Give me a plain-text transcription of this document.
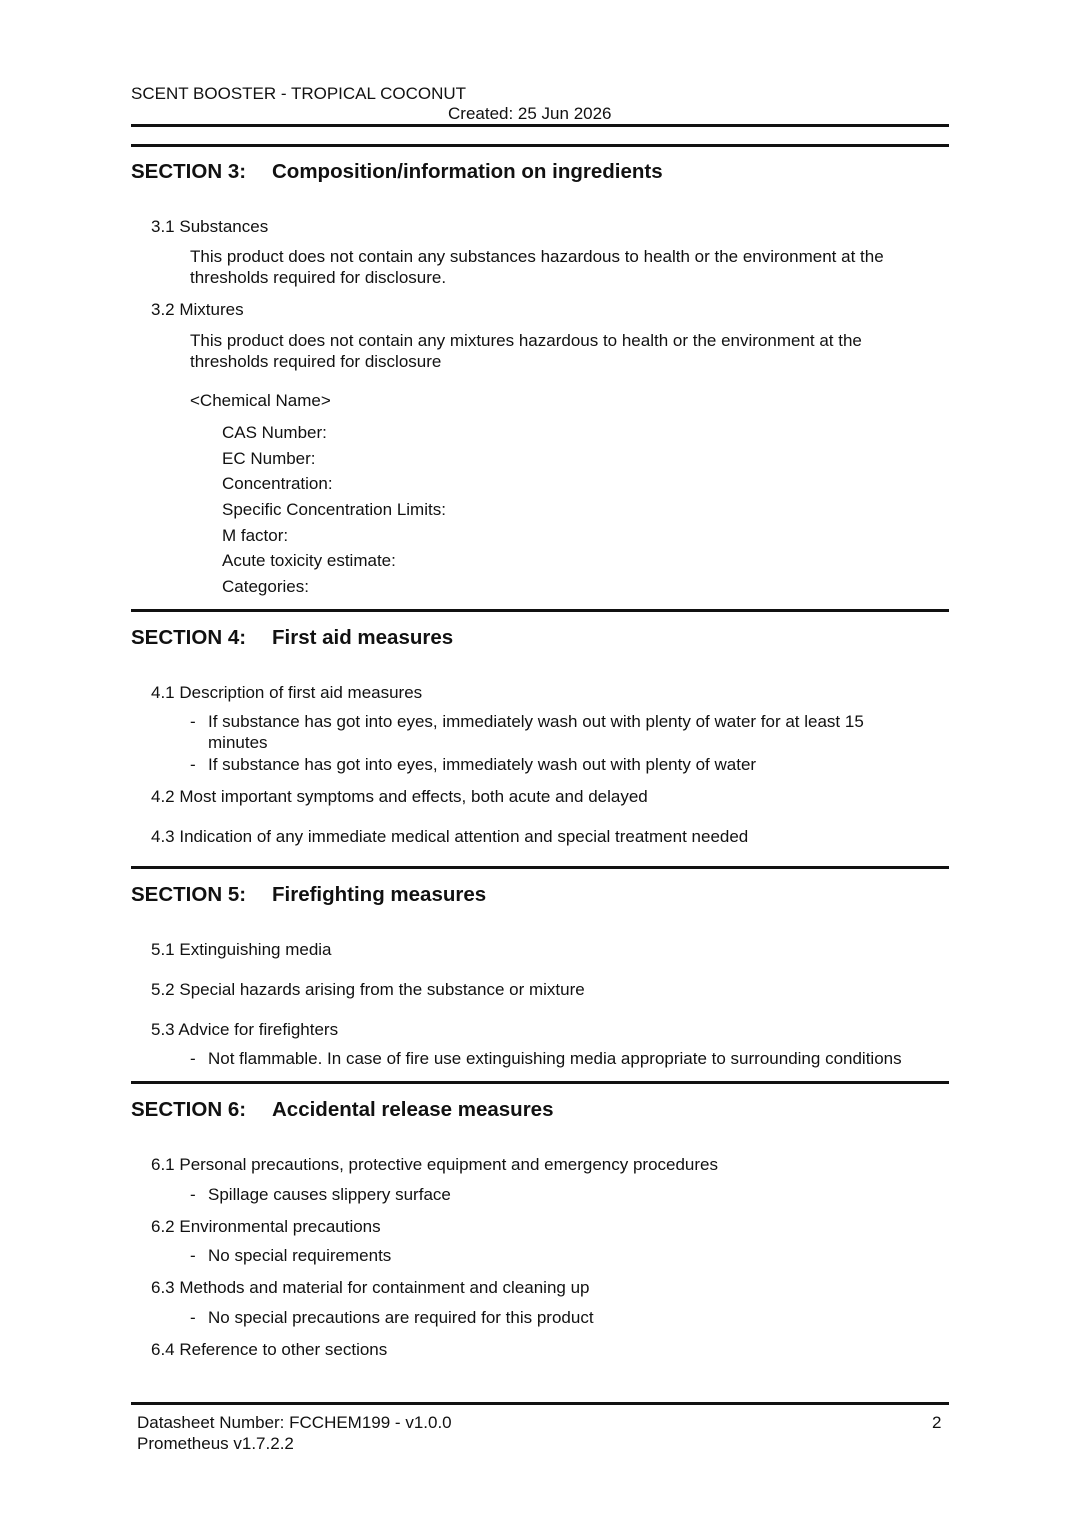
SCENT BOOSTER - TROPICAL COCONUT
Created: 25 Jun 2026
SECTION 3: Composition/information on ingredients
3.1 Substances
This product does not contain any substances hazardous to health or the environment at the thresholds required for disclosure.
3.2 Mixtures
This product does not contain any mixtures hazardous to health or the environment at the thresholds required for disclosure
<Chemical Name>
CAS Number:
EC Number:
Concentration:
Specific Concentration Limits:
M factor:
Acute toxicity estimate:
Categories:
SECTION 4: First aid measures
4.1 Description of first aid measures
- If substance has got into eyes, immediately wash out with plenty of water for at least 15 minutes
- If substance has got into eyes, immediately wash out with plenty of water
4.2 Most important symptoms and effects, both acute and delayed
4.3 Indication of any immediate medical attention and special treatment needed
SECTION 5: Firefighting measures
5.1 Extinguishing media
5.2 Special hazards arising from the substance or mixture
5.3 Advice for firefighters
- Not flammable. In case of fire use extinguishing media appropriate to surrounding conditions
SECTION 6: Accidental release measures
6.1 Personal precautions, protective equipment and emergency procedures
- Spillage causes slippery surface
6.2 Environmental precautions
- No special requirements
6.3 Methods and material for containment and cleaning up
- No special precautions are required for this product
6.4 Reference to other sections
Datasheet Number: FCCHEM199 - v1.0.0
Prometheus v1.7.2.2
2
